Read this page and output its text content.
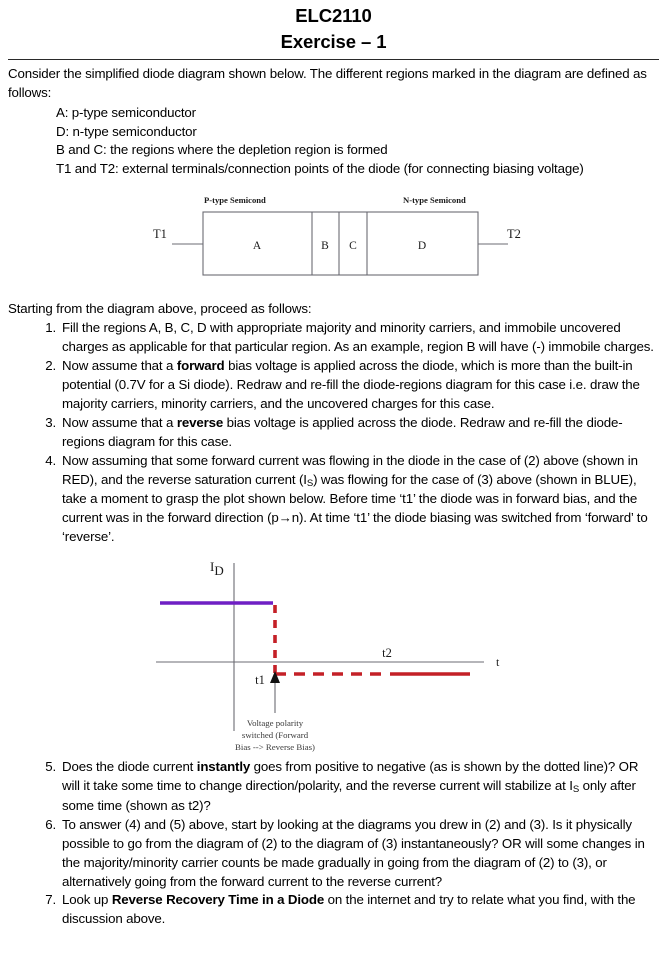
ELC2110
Exercise – 1
Consider the simplified diode diagram shown below. The different regions marked in the diagram are defined as follows:
A: p-type semiconductor
D: n-type semiconductor
B and C: the regions where the depletion region is formed
T1 and T2: external terminals/connection points of the diode (for connecting biasing voltage)
P-type Semicond	N-type Semicond
T1	T2
A	B C	D
Starting from the diagram above, proceed as follows:
Fill the regions A, B, C, D with appropriate majority and minority carriers, and immobile uncovered charges as applicable for that particular region. As an example, region B will have (-) immobile charges.
Now assume that a forward bias voltage is applied across the diode, which is more than the built-in potential (0.7V for a Si diode). Redraw and re-fill the diode-regions diagram for this case i.e. draw the majority carriers, minority carriers, and the uncovered charges for this case.
Now assume that a reverse bias voltage is applied across the diode. Redraw and re-fill the diode-regions diagram for this case.
Now assuming that some forward current was flowing in the diode in the case of (2) above (shown in RED), and the reverse saturation current $(I_S)$ was flowing for the case of (3) above (shown in BLUE), take a moment to grasp the plot shown below. Before time ‘t1’ the diode was in forward bias, and the current was in the forward direction (p→n). At time ‘t1’ the diode biasing was switched from ‘forward’ to ‘reverse’.
ID
t
t2
t1
Voltage polarity
switched (Forward
Bias --> Reverse Bias)
Does the diode current instantly goes from positive to negative (as is shown by the dotted line)? OR will it take some time to change direction/polarity, and the reverse current will stabilize at $I_S$ only after some time (shown as t2)?
To answer (4) and (5) above, start by looking at the diagrams you drew in (2) and (3). Is it physically possible to go from the diagram of (2) to the diagram of (3) instantaneously? OR will some changes in the majority/minority carrier counts be made gradually in going from the diagram of (2) to (3), or alternatively going from the forward current to the reverse current?
Look up Reverse Recovery Time in a Diode on the internet and try to relate what you find, with the discussion above.
